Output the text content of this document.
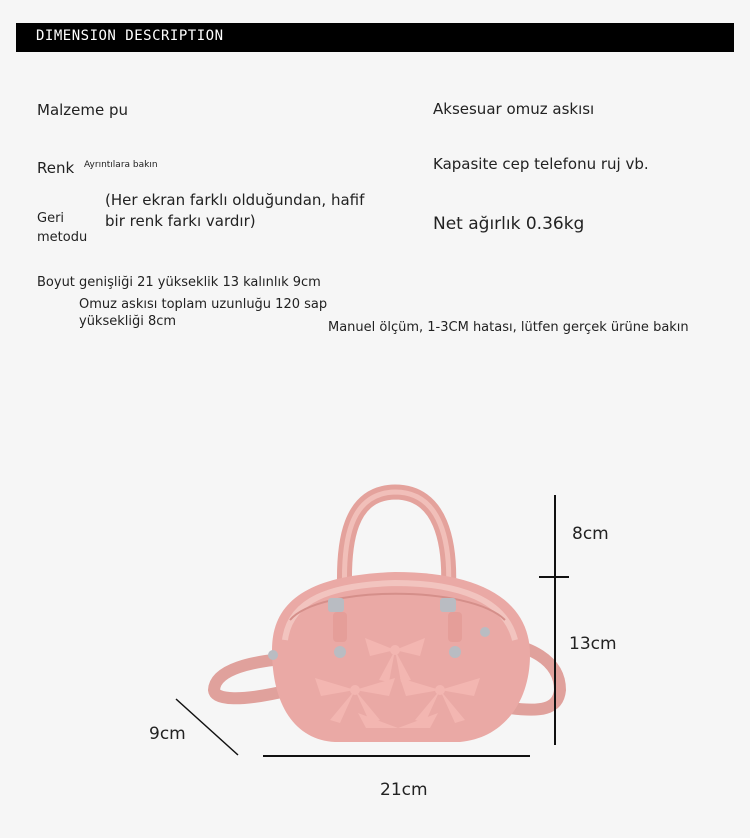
DIMENSION DESCRIPTION
Malzeme pu
Renk Ayrıntılara bakın
(Her ekran farklı olduğundan, hafif
bir renk farkı vardır)
Geri
metodu
Boyut genişliği 21 yükseklik 13 kalınlık 9cm
Omuz askısı toplam uzunluğu 120 sap
yüksekliği 8cm
Aksesuar omuz askısı
Kapasite cep telefonu ruj vb.
Net ağırlık 0.36kg
Manuel ölçüm, 1-3CM hatası, lütfen gerçek ürüne bakın
8cm
13cm
9cm
21cm
